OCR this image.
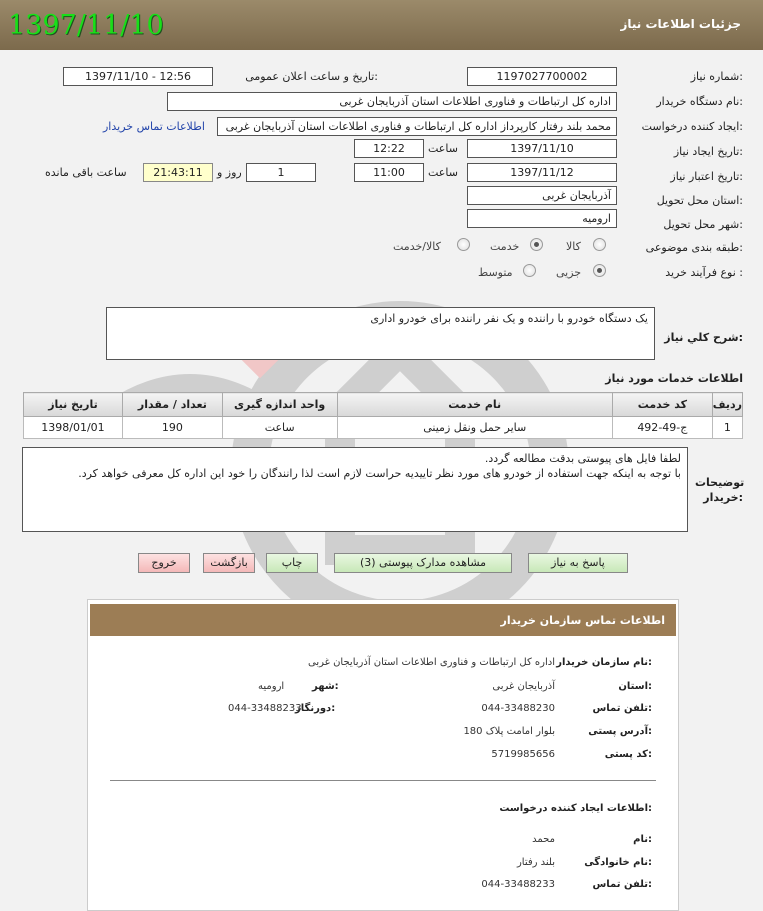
1397/11/10	جزئیات اطلاعات نیاز
شماره نیاز:
1197027700002
تاریخ و ساعت اعلان عمومی:
1397/11/10 - 12:56
نام دستگاه خریدار:
اداره کل ارتباطات و فناوری اطلاعات استان آذربایجان غربی
ایجاد کننده درخواست:
محمد بلند رفتار کارپرداز اداره کل ارتباطات و فناوری اطلاعات استان آذربایجان غربی
اطلاعات تماس خریدار
تاریخ ایجاد نیاز:
1397/11/10
ساعت
12:22
تاریخ اعتبار نیاز:
1397/11/12
ساعت
11:00
1
روز و
21:43:11
ساعت باقی مانده
استان محل تحویل:
آذربایجان غربی
شهر محل تحویل:
ارومیه
طبقه بندی موضوعی:
کالا
خدمت
کالا/خدمت
نوع فرآیند خرید :
جزیی
متوسط
شرح کلي نياز:
یک دستگاه خودرو با راننده و یک نفر راننده برای خودرو اداری
اطلاعات خدمات مورد نیاز
ردیف	کد خدمت	نام خدمت	واحد اندازه گیری	تعداد / مقدار	تاریخ نیاز
1	ج-49-492	سایر حمل ونقل زمینی	ساعت	190	1398/01/01
توضیحات خریدار:
لطفا فایل های پیوستی بدقت مطالعه گردد.
با توجه به اینکه جهت استفاده از خودرو های مورد نظر تاییدیه حراست لازم است لذا رانندگان را خود این اداره کل معرفی خواهد کرد.
پاسخ به نیاز
مشاهده مدارک پیوستی (3)
چاپ
بازگشت
خروج
اطلاعات تماس سازمان خریدار
نام سازمان خریدار:
اداره کل ارتباطات و فناوری اطلاعات استان آذربایجان غربی
استان:
آذربایجان غربی
شهر:
ارومیه
تلفن تماس:
044-33488230
دورنگار:
044-33488233
آدرس پستی:
بلوار امامت پلاک 180
کد پستی:
5719985656
اطلاعات ایجاد کننده درخواست:
نام:
محمد
نام خانوادگی:
بلند رفتار
تلفن تماس:
044-33488233
